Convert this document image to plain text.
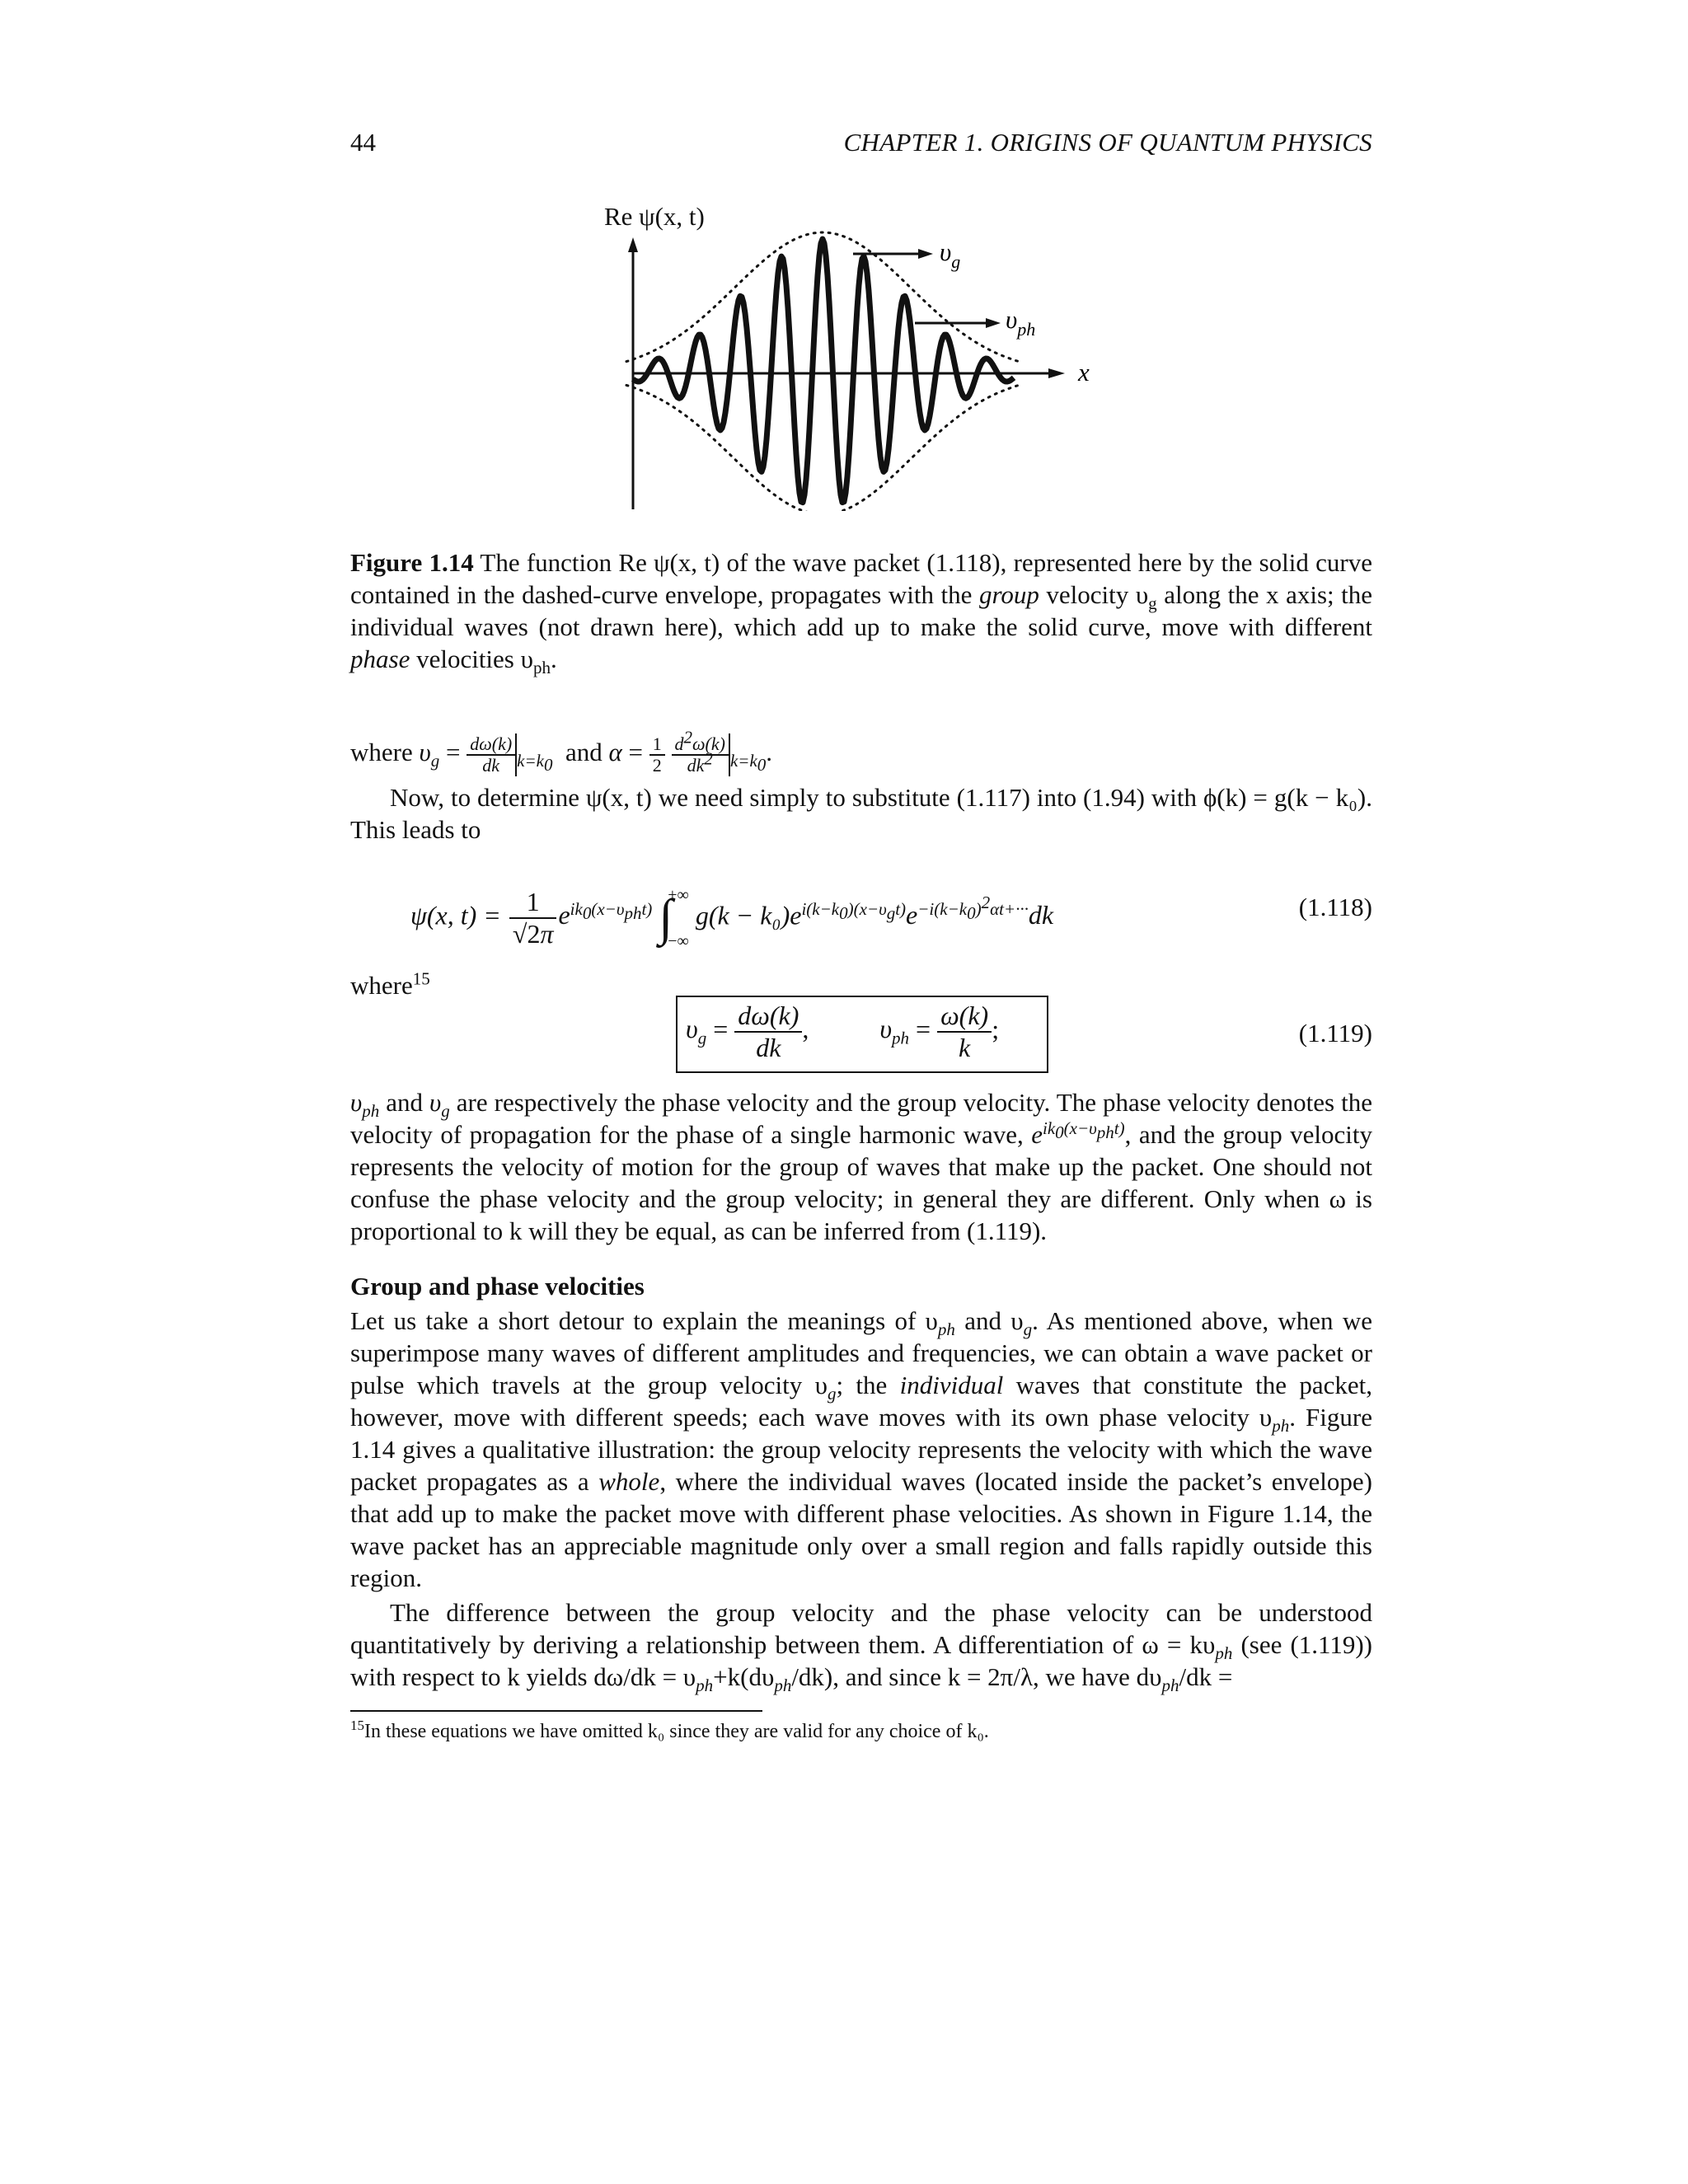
44	CHAPTER 1. ORIGINS OF QUANTUM PHYSICS
$\upsilon_g$
$\upsilon_{ph}$
x
Re ψ(x, t)
Figure 1.14 The function Re ψ(x, t) of the wave packet (1.118), represented here by the solid curve contained in the dashed-curve envelope, propagates with the group velocity $\upsilon_g$ along the x axis; the individual waves (not drawn here), which add up to make the solid curve, move with different phase velocities $\upsilon_{ph}$.
where $\upsilon_g = \frac{d\omega(k)}{dk} _{k=k_0}$ and $\alpha = \frac{1}{2}$
$\frac{d^2\omega(k)}{dk^2} _{k=k_0}$.
Now, to determine ψ(x, t) we need simply to substitute (1.117) into (1.94) with ϕ(k) = g(k − k₀). This leads to
ψ(x, $t) = \frac{1}{√2\pi} e^{ik_0(x-\upsilon_{ph}t)}$ ∫
+∞
−∞
$g(k - k_0)e^{i(k-k_0)(x-\upsilon_gt)}e^{-i(k-k_0)^2\alpha t+\cdot\cdot\cdot}dk$	(1.118)
where$^{15}$
$\upsilon_g = \frac{d\omega(k)}{dk}$ ,  $\upsilon_{ph} = \frac{\omega(k)}{k}$ ;	(1.119)
$\upsilon_{ph}$ and $\upsilon_g$ are respectively the phase velocity and the group velocity. The phase velocity denotes the velocity of propagation for the phase of a single harmonic wave, $e^{ik_0(x-\upsilon_{ph}t)}$, and the group velocity represents the velocity of motion for the group of waves that make up the packet. One should not confuse the phase velocity and the group velocity; in general they are different. Only when ω is proportional to k will they be equal, as can be inferred from (1.119).
Group and phase velocities
Let us take a short detour to explain the meanings of $\upsilon_{ph}$ and $\upsilon_g$. As mentioned above, when we superimpose many waves of different amplitudes and frequencies, we can obtain a wave packet or pulse which travels at the group velocity $\upsilon_g$; the individual waves that constitute the packet, however, move with different speeds; each wave moves with its own phase velocity $\upsilon_{ph}$. Figure 1.14 gives a qualitative illustration: the group velocity represents the velocity with which the wave packet propagates as a whole, where the individual waves (located inside the packet’s envelope) that add up to make the packet move with different phase velocities. As shown in Figure 1.14, the wave packet has an appreciable magnitude only over a small region and falls rapidly outside this region.
The difference between the group velocity and the phase velocity can be understood quantitatively by deriving a relationship between them. A differentiation of $\omega = k\upsilon_{ph}$ (see (1.119)) with respect to k yields $d\omega/dk = \upsilon_{ph}+k(d\upsilon_{ph}/dk)$, and since k = 2π/λ, we have $d\upsilon_{ph}/dk$ =
$^{15}$In these equations we have omitted k₀ since they are valid for any choice of k₀.
